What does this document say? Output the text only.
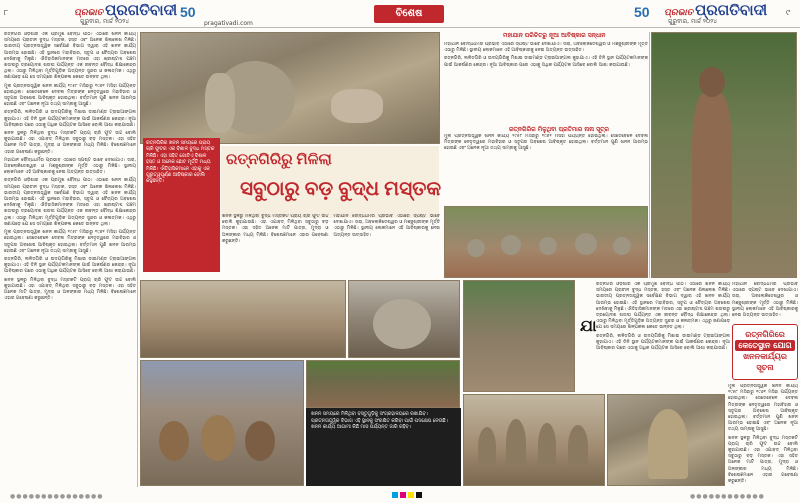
୮	ପ୍ରଭାତ ପ୍ରଗତିବାଦୀ
ଗୁରୁବାର, ମାର୍ଚ୍ଚ ୨୦୨୪
50
pragativadi.com
ବିଶେଷ	50	ପ୍ରଭାତ ପ୍ରଗତିବାଦୀ
ଗୁରୁବାର, ମାର୍ଚ୍ଚ ୨୦୨୪
୯

ରତ୍ନଗିରି ଓଡ଼ିଶାର ଏକ ପ୍ରମୁଖ ବୌଦ୍ଧ ପୀଠ। ଏଠାରେ ଖନନ କାର୍ଯ୍ୟ ସମୟରେ ପ୍ରାଚୀନ ବୁଦ୍ଧ ମସ୍ତକ, ହସ୍ତ ଏବଂ ଅନେକ ଶିଳାଲେଖ ମିଳିଛି। ଭାରତୀୟ ପ୍ରତ୍ନତାତ୍ତ୍ୱିକ ସର୍ବେକ୍ଷଣ ବିଭାଗ ଦ୍ୱାରା ଏହି ଖନନ କାର୍ଯ୍ୟ ଆରମ୍ଭ ହୋଇଛି। ଏହି ସ୍ଥାନରେ ମହାବିହାର, ସ୍ତୂପ ଓ ଚୈତ୍ୟର ଅବଶେଷ ଦେଖିବାକୁ ମିଳୁଛି। ଐତିହାସିକମାନଙ୍କ ମତରେ ଏହା ଖ୍ରୀଷ୍ଟାବ୍ଦ ପଞ୍ଚମ ଶତାବ୍ଦୀରୁ ତ୍ରୟୋଦଶ ଶତାବ୍ଦୀ ପର୍ଯ୍ୟନ୍ତ ଏକ ଜୀବନ୍ତ ବୌଦ୍ଧ ଶିକ୍ଷାକେନ୍ଦ୍ର ଥିଲା। ଏଠାରୁ ମିଳିଥିବା ମୂର୍ତ୍ତିଗୁଡ଼ିକ ଅତ୍ୟନ୍ତ ସୁନ୍ଦର ଓ କଳାତ୍ମକ। ଏଥିରୁ ଜଣାପଡ଼େ ଯେ ସେ ସମୟରେ ଶିଳ୍ପକଳା କେତେ ଉନ୍ନତ ଥିଲା।

ମୁଲ ପ୍ରତ୍ନତାତ୍ତ୍ୱିକ ଖନନ କାର୍ଯ୍ୟ ୧୯୫୮ ମସିହାରୁ ୧୯୬୧ ମସିହା ପର୍ଯ୍ୟନ୍ତ ହୋଇଥିଲା। ସେତେବେଳେ ଦେବଳା ମିତ୍ରଙ୍କ ନେତୃତ୍ୱରେ ମହାବିହାର ଓ ସ୍ତୂପର ଅବଶେଷ ଆବିଷ୍କୃତ ହୋଇଥିଲା। ବର୍ତ୍ତମାନ ପୁଣି ଖନନ ଆରମ୍ଭ ହୋଇଛି ଏବଂ ଅନେକ ନୂଆ ତଥ୍ୟ ସାମ୍ନାକୁ ଆସୁଛି।

ରତ୍ନଗିରି, ଲଳିତଗିରି ଓ ଉଦୟଗିରିକୁ ମିଶାଇ ଡାଇମଣ୍ଡ ଟ୍ରାଇଆଙ୍ଗଲ କୁହାଯାଏ। ଏହି ତିନି ସ୍ଥାନ ପର୍ଯ୍ୟଟକମାନଙ୍କ ପାଇଁ ଆକର୍ଷଣର କେନ୍ଦ୍ର। ନୂଆ ଆବିଷ୍କାର ପରେ ଏଠାକୁ ଅଧିକ ପର୍ଯ୍ୟଟକ ଆସିବେ ବୋଲି ଆଶା କରାଯାଉଛି।

ଖନନ ସ୍ଥଳରୁ ମିଳିଥିବା ବୁଦ୍ଧ ମସ୍ତକଟି ପ୍ରାୟ ଚାରି ଫୁଟ ଉଚ୍ଚ ବୋଲି କୁହାଯାଉଛି। ଏହା ଏଯାବତ୍ ମିଳିଥିବା ସବୁଠାରୁ ବଡ଼ ମସ୍ତକ। ଏହା ସହିତ ଅନେକ ମାଟି ପାତ୍ର, ମୁଦ୍ରା ଓ ଅଳଙ୍କାର ମଧ୍ୟ ମିଳିଛି। ବିଶେଷଜ୍ଞମାନେ ଏହାର ଗବେଷଣା କରୁଛନ୍ତି।

ମହାଯାନ ବୌଦ୍ଧଧର୍ମର ପ୍ରଭାବ ଏଠାରେ ସ୍ପଷ୍ଟ ଭାବେ ଦେଖାଯାଏ। ତାରା, ଅବଲୋକିତେଶ୍ୱର ଓ ମଞ୍ଜୁଶ୍ରୀଙ୍କ ମୂର୍ତ୍ତି ଏଠାରୁ ମିଳିଛି। ସ୍ଥାନୀୟ ଲୋକମାନେ ଏହି ଆବିଷ୍କାରକୁ ନେଇ ଅତ୍ୟନ୍ତ ଉତ୍ସାହିତ।

ରତ୍ନଗିରି ଓଡ଼ିଶାର ଏକ ପ୍ରମୁଖ ବୌଦ୍ଧ ପୀଠ। ଏଠାରେ ଖନନ କାର୍ଯ୍ୟ ସମୟରେ ପ୍ରାଚୀନ ବୁଦ୍ଧ ମସ୍ତକ, ହସ୍ତ ଏବଂ ଅନେକ ଶିଳାଲେଖ ମିଳିଛି। ଭାରତୀୟ ପ୍ରତ୍ନତାତ୍ତ୍ୱିକ ସର୍ବେକ୍ଷଣ ବିଭାଗ ଦ୍ୱାରା ଏହି ଖନନ କାର୍ଯ୍ୟ ଆରମ୍ଭ ହୋଇଛି। ଏହି ସ୍ଥାନରେ ମହାବିହାର, ସ୍ତୂପ ଓ ଚୈତ୍ୟର ଅବଶେଷ ଦେଖିବାକୁ ମିଳୁଛି। ଐତିହାସିକମାନଙ୍କ ମତରେ ଏହା ଖ୍ରୀଷ୍ଟାବ୍ଦ ପଞ୍ଚମ ଶତାବ୍ଦୀରୁ ତ୍ରୟୋଦଶ ଶତାବ୍ଦୀ ପର୍ଯ୍ୟନ୍ତ ଏକ ଜୀବନ୍ତ ବୌଦ୍ଧ ଶିକ୍ଷାକେନ୍ଦ୍ର ଥିଲା। ଏଠାରୁ ମିଳିଥିବା ମୂର୍ତ୍ତିଗୁଡ଼ିକ ଅତ୍ୟନ୍ତ ସୁନ୍ଦର ଓ କଳାତ୍ମକ। ଏଥିରୁ ଜଣାପଡ଼େ ଯେ ସେ ସମୟରେ ଶିଳ୍ପକଳା କେତେ ଉନ୍ନତ ଥିଲା।

ମୁଲ ପ୍ରତ୍ନତାତ୍ତ୍ୱିକ ଖନନ କାର୍ଯ୍ୟ ୧୯୫୮ ମସିହାରୁ ୧୯୬୧ ମସିହା ପର୍ଯ୍ୟନ୍ତ ହୋଇଥିଲା। ସେତେବେଳେ ଦେବଳା ମିତ୍ରଙ୍କ ନେତୃତ୍ୱରେ ମହାବିହାର ଓ ସ୍ତୂପର ଅବଶେଷ ଆବିଷ୍କୃତ ହୋଇଥିଲା। ବର୍ତ୍ତମାନ ପୁଣି ଖନନ ଆରମ୍ଭ ହୋଇଛି ଏବଂ ଅନେକ ନୂଆ ତଥ୍ୟ ସାମ୍ନାକୁ ଆସୁଛି।

ରତ୍ନଗିରି, ଲଳିତଗିରି ଓ ଉଦୟଗିରିକୁ ମିଶାଇ ଡାଇମଣ୍ଡ ଟ୍ରାଇଆଙ୍ଗଲ କୁହାଯାଏ। ଏହି ତିନି ସ୍ଥାନ ପର୍ଯ୍ୟଟକମାନଙ୍କ ପାଇଁ ଆକର୍ଷଣର କେନ୍ଦ୍ର। ନୂଆ ଆବିଷ୍କାର ପରେ ଏଠାକୁ ଅଧିକ ପର୍ଯ୍ୟଟକ ଆସିବେ ବୋଲି ଆଶା କରାଯାଉଛି।

ଖନନ ସ୍ଥଳରୁ ମିଳିଥିବା ବୁଦ୍ଧ ମସ୍ତକଟି ପ୍ରାୟ ଚାରି ଫୁଟ ଉଚ୍ଚ ବୋଲି କୁହାଯାଉଛି। ଏହା ଏଯାବତ୍ ମିଳିଥିବା ସବୁଠାରୁ ବଡ଼ ମସ୍ତକ। ଏହା ସହିତ ଅନେକ ମାଟି ପାତ୍ର, ମୁଦ୍ରା ଓ ଅଳଙ୍କାର ମଧ୍ୟ ମିଳିଛି। ବିଶେଷଜ୍ଞମାନେ ଏହାର ଗବେଷଣା କରୁଛନ୍ତି।

ରତ୍ନଗିରିର ଖନନ ସମୟରେ ପ୍ରାୟ ଚାରି ଫୁଟର ଏକ ବିଶାଳ ବୁଦ୍ଧ ମସ୍ତକ ମିଳିଛି। ଏହା ସହିତ ଗୋଟିଏ ବିଶାଳ ହସ୍ତ ଓ ଅନେକ ଛୋଟ ମୂର୍ତ୍ତି ମଧ୍ୟ ମିଳିଛି। ଐତିହାସିକମାନେ ଏହାକୁ ଏକ ଗୁରୁତ୍ୱପୂର୍ଣ୍ଣ ଆବିଷ୍କାର ବୋଲି କହୁଛନ୍ତି।
ରତ୍ନଗିରିରୁ ମିଳିଲା
ସବୁଠାରୁ ବଡ଼ ବୁଦ୍ଧ ମସ୍ତକ

ଖନନ ସ୍ଥଳରୁ ମିଳିଥିବା ବୁଦ୍ଧ ମସ୍ତକଟି ପ୍ରାୟ ଚାରି ଫୁଟ ଉଚ୍ଚ ବୋଲି କୁହାଯାଉଛି। ଏହା ଏଯାବତ୍ ମିଳିଥିବା ସବୁଠାରୁ ବଡ଼ ମସ୍ତକ। ଏହା ସହିତ ଅନେକ ମାଟି ପାତ୍ର, ମୁଦ୍ରା ଓ ଅଳଙ୍କାର ମଧ୍ୟ ମିଳିଛି। ବିଶେଷଜ୍ଞମାନେ ଏହାର ଗବେଷଣା କରୁଛନ୍ତି।

ମହାଯାନ ବୌଦ୍ଧଧର୍ମର ପ୍ରଭାବ ଏଠାରେ ସ୍ପଷ୍ଟ ଭାବେ ଦେଖାଯାଏ। ତାରା, ଅବଲୋକିତେଶ୍ୱର ଓ ମଞ୍ଜୁଶ୍ରୀଙ୍କ ମୂର୍ତ୍ତି ଏଠାରୁ ମିଳିଛି। ସ୍ଥାନୀୟ ଲୋକମାନେ ଏହି ଆବିଷ୍କାରକୁ ନେଇ ଅତ୍ୟନ୍ତ ଉତ୍ସାହିତ।

ମହାଯାନ ପରିଚିତରୁ ନୂଆ ଆବିଷ୍କାର ସନ୍ଧାନ

ମହାଯାନ ବୌଦ୍ଧଧର୍ମର ପ୍ରଭାବ ଏଠାରେ ସ୍ପଷ୍ଟ ଭାବେ ଦେଖାଯାଏ। ତାରା, ଅବଲୋକିତେଶ୍ୱର ଓ ମଞ୍ଜୁଶ୍ରୀଙ୍କ ମୂର୍ତ୍ତି ଏଠାରୁ ମିଳିଛି। ସ୍ଥାନୀୟ ଲୋକମାନେ ଏହି ଆବିଷ୍କାରକୁ ନେଇ ଅତ୍ୟନ୍ତ ଉତ୍ସାହିତ।

ରତ୍ନଗିରି, ଲଳିତଗିରି ଓ ଉଦୟଗିରିକୁ ମିଶାଇ ଡାଇମଣ୍ଡ ଟ୍ରାଇଆଙ୍ଗଲ କୁହାଯାଏ। ଏହି ତିନି ସ୍ଥାନ ପର୍ଯ୍ୟଟକମାନଙ୍କ ପାଇଁ ଆକର୍ଷଣର କେନ୍ଦ୍ର। ନୂଆ ଆବିଷ୍କାର ପରେ ଏଠାକୁ ଅଧିକ ପର୍ଯ୍ୟଟକ ଆସିବେ ବୋଲି ଆଶା କରାଯାଉଛି।

ରତ୍ନଗିରିର ମିଳୁଥିବା ପ୍ରତିମାର ନାନା ସୂତ୍ର

ମୁଲ ପ୍ରତ୍ନତାତ୍ତ୍ୱିକ ଖନନ କାର୍ଯ୍ୟ ୧୯୫୮ ମସିହାରୁ ୧୯୬୧ ମସିହା ପର୍ଯ୍ୟନ୍ତ ହୋଇଥିଲା। ସେତେବେଳେ ଦେବଳା ମିତ୍ରଙ୍କ ନେତୃତ୍ୱରେ ମହାବିହାର ଓ ସ୍ତୂପର ଅବଶେଷ ଆବିଷ୍କୃତ ହୋଇଥିଲା। ବର୍ତ୍ତମାନ ପୁଣି ଖନନ ଆରମ୍ଭ ହୋଇଛି ଏବଂ ଅନେକ ନୂଆ ତଥ୍ୟ ସାମ୍ନାକୁ ଆସୁଛି।

ଖନନ ସମୟରେ ମିଳିଥିବା ବସ୍ତୁଗୁଡ଼ିକୁ ସଂଗ୍ରହାଳୟରେ ରଖାଯିବ। ପ୍ରତ୍ନତାତ୍ତ୍ୱିକ ବିଭାଗ ଏହି ସ୍ଥାନକୁ ସଂରକ୍ଷିତ କରିବା ପାଇଁ ପଦକ୍ଷେପ ନେଉଛି। ଖନନ କାର୍ଯ୍ୟ ଆଗାମୀ କିଛି ମାସ ପର୍ଯ୍ୟନ୍ତ ଜାରି ରହିବ।
ଯା

ରତ୍ନଗିରି ଓଡ଼ିଶାର ଏକ ପ୍ରମୁଖ ବୌଦ୍ଧ ପୀଠ। ଏଠାରେ ଖନନ କାର୍ଯ୍ୟ ସମୟରେ ପ୍ରାଚୀନ ବୁଦ୍ଧ ମସ୍ତକ, ହସ୍ତ ଏବଂ ଅନେକ ଶିଳାଲେଖ ମିଳିଛି। ଭାରତୀୟ ପ୍ରତ୍ନତାତ୍ତ୍ୱିକ ସର୍ବେକ୍ଷଣ ବିଭାଗ ଦ୍ୱାରା ଏହି ଖନନ କାର୍ଯ୍ୟ ଆରମ୍ଭ ହୋଇଛି। ଏହି ସ୍ଥାନରେ ମହାବିହାର, ସ୍ତୂପ ଓ ଚୈତ୍ୟର ଅବଶେଷ ଦେଖିବାକୁ ମିଳୁଛି। ଐତିହାସିକମାନଙ୍କ ମତରେ ଏହା ଖ୍ରୀଷ୍ଟାବ୍ଦ ପଞ୍ଚମ ଶତାବ୍ଦୀରୁ ତ୍ରୟୋଦଶ ଶତାବ୍ଦୀ ପର୍ଯ୍ୟନ୍ତ ଏକ ଜୀବନ୍ତ ବୌଦ୍ଧ ଶିକ୍ଷାକେନ୍ଦ୍ର ଥିଲା। ଏଠାରୁ ମିଳିଥିବା ମୂର୍ତ୍ତିଗୁଡ଼ିକ ଅତ୍ୟନ୍ତ ସୁନ୍ଦର ଓ କଳାତ୍ମକ। ଏଥିରୁ ଜଣାପଡ଼େ ଯେ ସେ ସମୟରେ ଶିଳ୍ପକଳା କେତେ ଉନ୍ନତ ଥିଲା।

ରତ୍ନଗିରି, ଲଳିତଗିରି ଓ ଉଦୟଗିରିକୁ ମିଶାଇ ଡାଇମଣ୍ଡ ଟ୍ରାଇଆଙ୍ଗଲ କୁହାଯାଏ। ଏହି ତିନି ସ୍ଥାନ ପର୍ଯ୍ୟଟକମାନଙ୍କ ପାଇଁ ଆକର୍ଷଣର କେନ୍ଦ୍ର। ନୂଆ ଆବିଷ୍କାର ପରେ ଏଠାକୁ ଅଧିକ ପର୍ଯ୍ୟଟକ ଆସିବେ ବୋଲି ଆଶା କରାଯାଉଛି।

ମହାଯାନ ବୌଦ୍ଧଧର୍ମର ପ୍ରଭାବ ଏଠାରେ ସ୍ପଷ୍ଟ ଭାବେ ଦେଖାଯାଏ। ତାରା, ଅବଲୋକିତେଶ୍ୱର ଓ ମଞ୍ଜୁଶ୍ରୀଙ୍କ ମୂର୍ତ୍ତି ଏଠାରୁ ମିଳିଛି। ସ୍ଥାନୀୟ ଲୋକମାନେ ଏହି ଆବିଷ୍କାରକୁ ନେଇ ଅତ୍ୟନ୍ତ ଉତ୍ସାହିତ।

ରତ୍ନଗିରିରେ
କେତେସ୍ଥାନ ଯୋଗ
ଖନନକାର୍ଯ୍ୟର
ସୂଚନା

ମୁଲ ପ୍ରତ୍ନତାତ୍ତ୍ୱିକ ଖନନ କାର୍ଯ୍ୟ ୧୯୫୮ ମସିହାରୁ ୧୯୬୧ ମସିହା ପର୍ଯ୍ୟନ୍ତ ହୋଇଥିଲା। ସେତେବେଳେ ଦେବଳା ମିତ୍ରଙ୍କ ନେତୃତ୍ୱରେ ମହାବିହାର ଓ ସ୍ତୂପର ଅବଶେଷ ଆବିଷ୍କୃତ ହୋଇଥିଲା। ବର୍ତ୍ତମାନ ପୁଣି ଖନନ ଆରମ୍ଭ ହୋଇଛି ଏବଂ ଅନେକ ନୂଆ ତଥ୍ୟ ସାମ୍ନାକୁ ଆସୁଛି।

ଖନନ ସ୍ଥଳରୁ ମିଳିଥିବା ବୁଦ୍ଧ ମସ୍ତକଟି ପ୍ରାୟ ଚାରି ଫୁଟ ଉଚ୍ଚ ବୋଲି କୁହାଯାଉଛି। ଏହା ଏଯାବତ୍ ମିଳିଥିବା ସବୁଠାରୁ ବଡ଼ ମସ୍ତକ। ଏହା ସହିତ ଅନେକ ମାଟି ପାତ୍ର, ମୁଦ୍ରା ଓ ଅଳଙ୍କାର ମଧ୍ୟ ମିଳିଛି। ବିଶେଷଜ୍ଞମାନେ ଏହାର ଗବେଷଣା କରୁଛନ୍ତି।

●●●●●●●●●●●●●●●	●●●●●●●●●●●●
